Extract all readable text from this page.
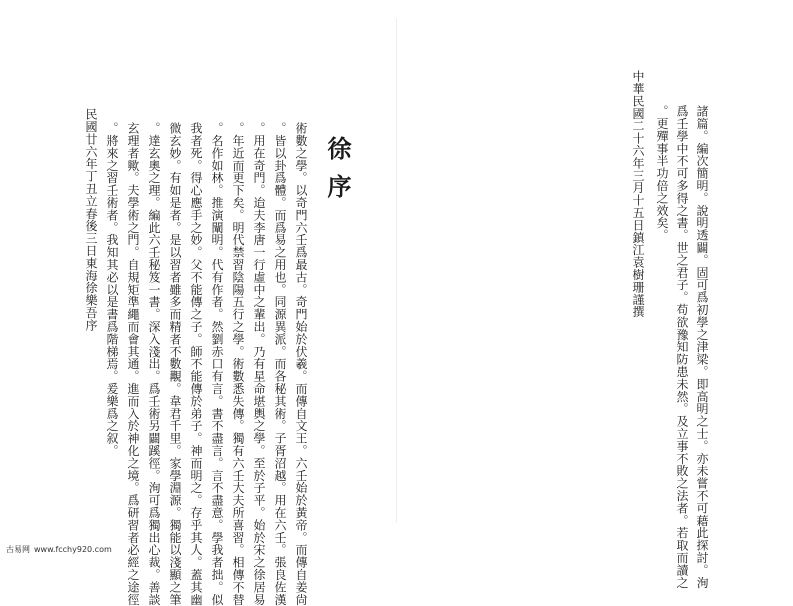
諸篇。編次簡明。說明透闢。固可爲初學之津梁。即高明之士。亦未嘗不可藉此探討。洵
爲壬學中不可多得之書。世之君子。苟欲豫知防患未然。及立事不敗之法者。若取而讀之
。更殫事半功倍之效矣。
中華民國二十六年三月十五日鎮江袁樹珊謹撰
徐序
術數之學。以奇門六壬爲最古。奇門始於伏羲。而傳自文王。六壬始於黃帝。而傳自姜尙
。皆以卦爲體。而爲易之用也。同源異派。而各秘其術。子胥沼越。用在六壬。張良佐漢
。用在奇門。迨夫李唐一行虛中之輩出。乃有星命堪輿之學。至於子平。始於宋之徐居易
。年近而更下矣。明代禁習陰陽五行之學。術數悉失傳。獨有六壬大夫所喜習。相傳不替
。名作如林。推演闡明。代有作者。然劉赤口有言。書不盡言。言不盡意。學我者拙。似
我者死。得心應手之妙。父不能傳之子。師不能傳於弟子。神而明之。存乎其人。蓋其幽
微玄妙。有如是者。是以習者雖多而精者不數覯。韋君千里。家學淵源。獨能以淺顯之筆
。達玄奧之理。編此六壬秘笈一書。深入淺出。爲壬術另闢蹊徑。洵可爲獨出心裁。善談
玄理者歟。夫學術之門。自規矩準繩而會其通。進而入於神化之境。爲研習者必經之途徑
。將來之習壬術者。我知其必以是書爲階梯焉。爰樂爲之叙。
民國廿六年丁丑立春後三日東海徐樂吾序
古易网 www.fcchy920.com
